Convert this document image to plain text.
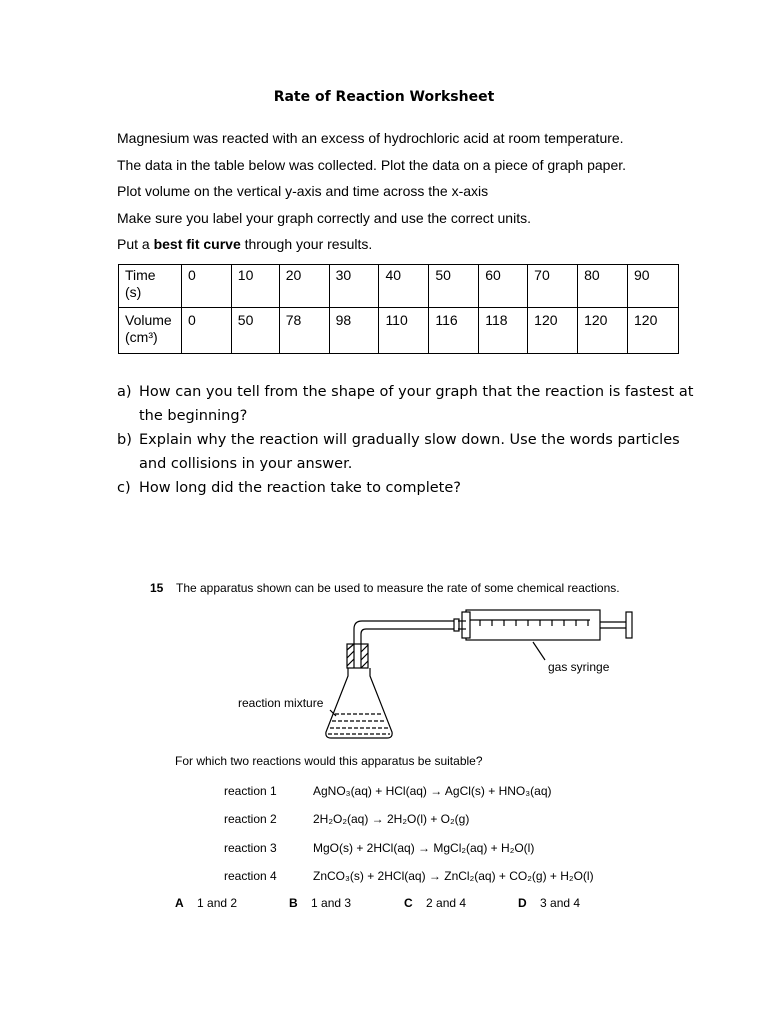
Rate of Reaction Worksheet

Magnesium was reacted with an excess of hydrochloric acid at room temperature.

The data in the table below was collected. Plot the data on a piece of graph paper.

Plot volume on the vertical y-axis and time across the x-axis

Make sure you label your graph correctly and use the correct units.

Put a best fit curve through your results.

Time
(s)	0	10	20	30	40	50	60	70	80	90
Volume
(cm³)	0	50	78	98	110	116	118	120	120	120
a) How can you tell from the shape of your graph that the reaction is fastest at the beginning?
b) Explain why the reaction will gradually slow down. Use the words particles and collisions in your answer.
c) How long did the reaction take to complete?
15 The apparatus shown can be used to measure the rate of some chemical reactions.
gas syringe
reaction mixture
For which two reactions would this apparatus be suitable?
reaction 1	AgNO₃(aq) + HCl(aq) → AgCl(s) + HNO₃(aq)
reaction 2	2H₂O₂(aq) → 2H₂O(l) + O₂(g)
reaction 3	MgO(s) + 2HCl(aq) → MgCl₂(aq) + H₂O(l)
reaction 4	ZnCO₃(s) + 2HCl(aq) → ZnCl₂(aq) + CO₂(g) + H₂O(l)
A 1 and 2	B 1 and 3	C 2 and 4	D 3 and 4
